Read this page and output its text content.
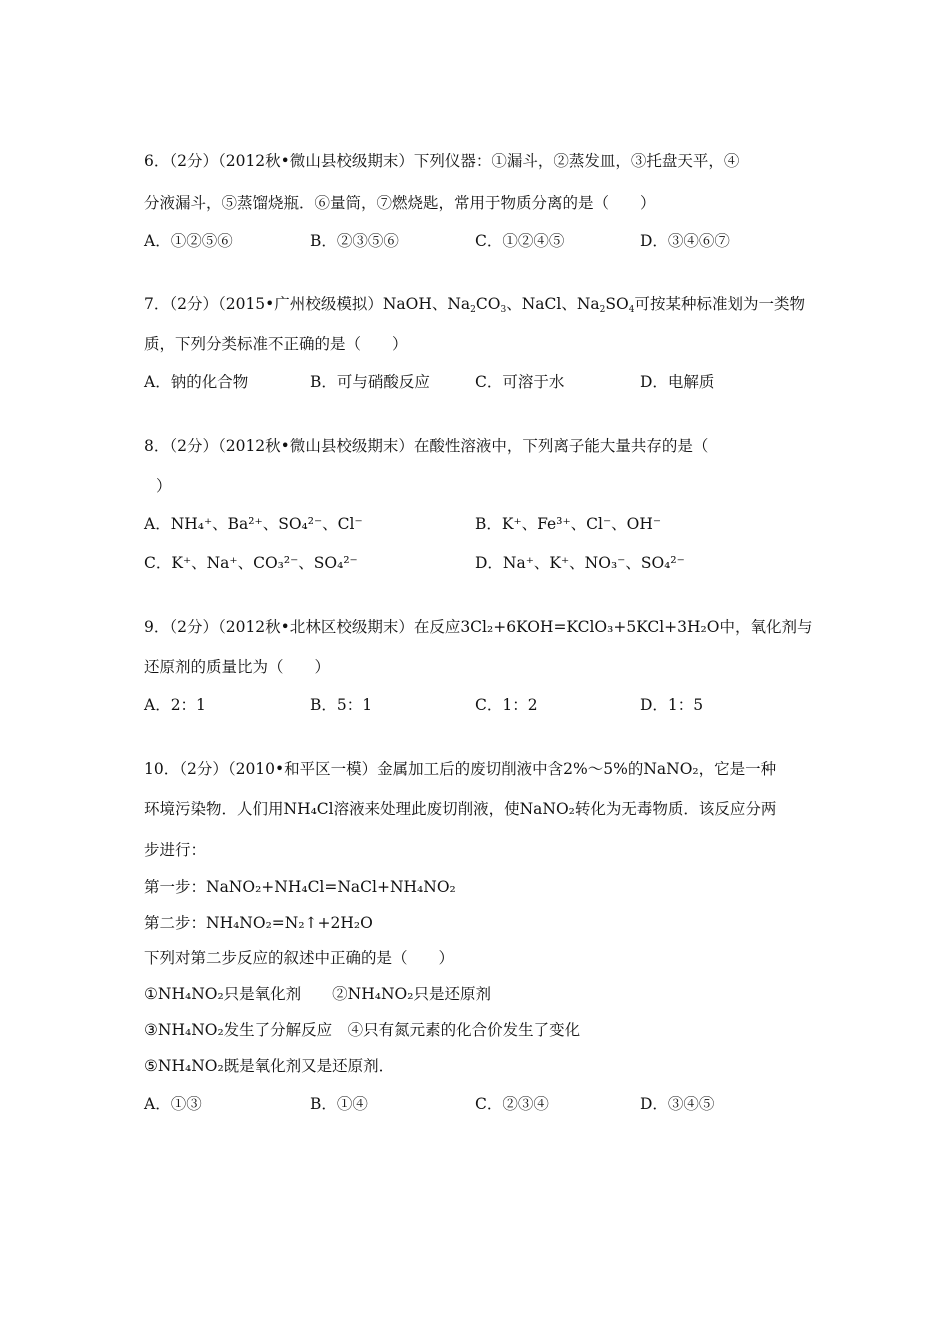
6．（2分）（2012秋•微山县校级期末）下列仪器：①漏斗，②蒸发皿，③托盘天平，④
分液漏斗，⑤蒸馏烧瓶．⑥量筒，⑦燃烧匙，常用于物质分离的是（　　）
A．①②⑤⑥	B．②③⑤⑥	C．①②④⑤	D．③④⑥⑦
7．（2分）（2015•广州校级模拟）NaOH、$Na_2CO_3$、NaCl、$Na_2SO_4$可按某种标准划为一类物
质，下列分类标准不正确的是（　　）
A．钠的化合物	B．可与硝酸反应	C．可溶于水	D．电解质
8．（2分）（2012秋•微山县校级期末）在酸性溶液中，下列离子能大量共存的是（
）
A．NH₄⁺、Ba²⁺、SO₄²⁻、Cl⁻	B．K⁺、Fe³⁺、Cl⁻、OH⁻
C．K⁺、Na⁺、CO₃²⁻、SO₄²⁻	D．Na⁺、K⁺、NO₃⁻、SO₄²⁻
9．（2分）（2012秋•北林区校级期末）在反应3Cl₂+6KOH=KClO₃+5KCl+3H₂O中，氧化剂与
还原剂的质量比为（　　）
A．2：1	B．5：1	C．1：2	D．1：5
10．（2分）（2010•和平区一模）金属加工后的废切削液中含2%～5%的NaNO₂，它是一种
环境污染物．人们用NH₄Cl溶液来处理此废切削液，使NaNO₂转化为无毒物质．该反应分两
步进行：
第一步：NaNO₂+NH₄Cl=NaCl+NH₄NO₂
第二步：NH₄NO₂=N₂↑+2H₂O
下列对第二步反应的叙述中正确的是（　　）
①NH₄NO₂只是氧化剂　　②NH₄NO₂只是还原剂
③NH₄NO₂发生了分解反应　④只有氮元素的化合价发生了变化
⑤NH₄NO₂既是氧化剂又是还原剂．
A．①③	B．①④	C．②③④	D．③④⑤
